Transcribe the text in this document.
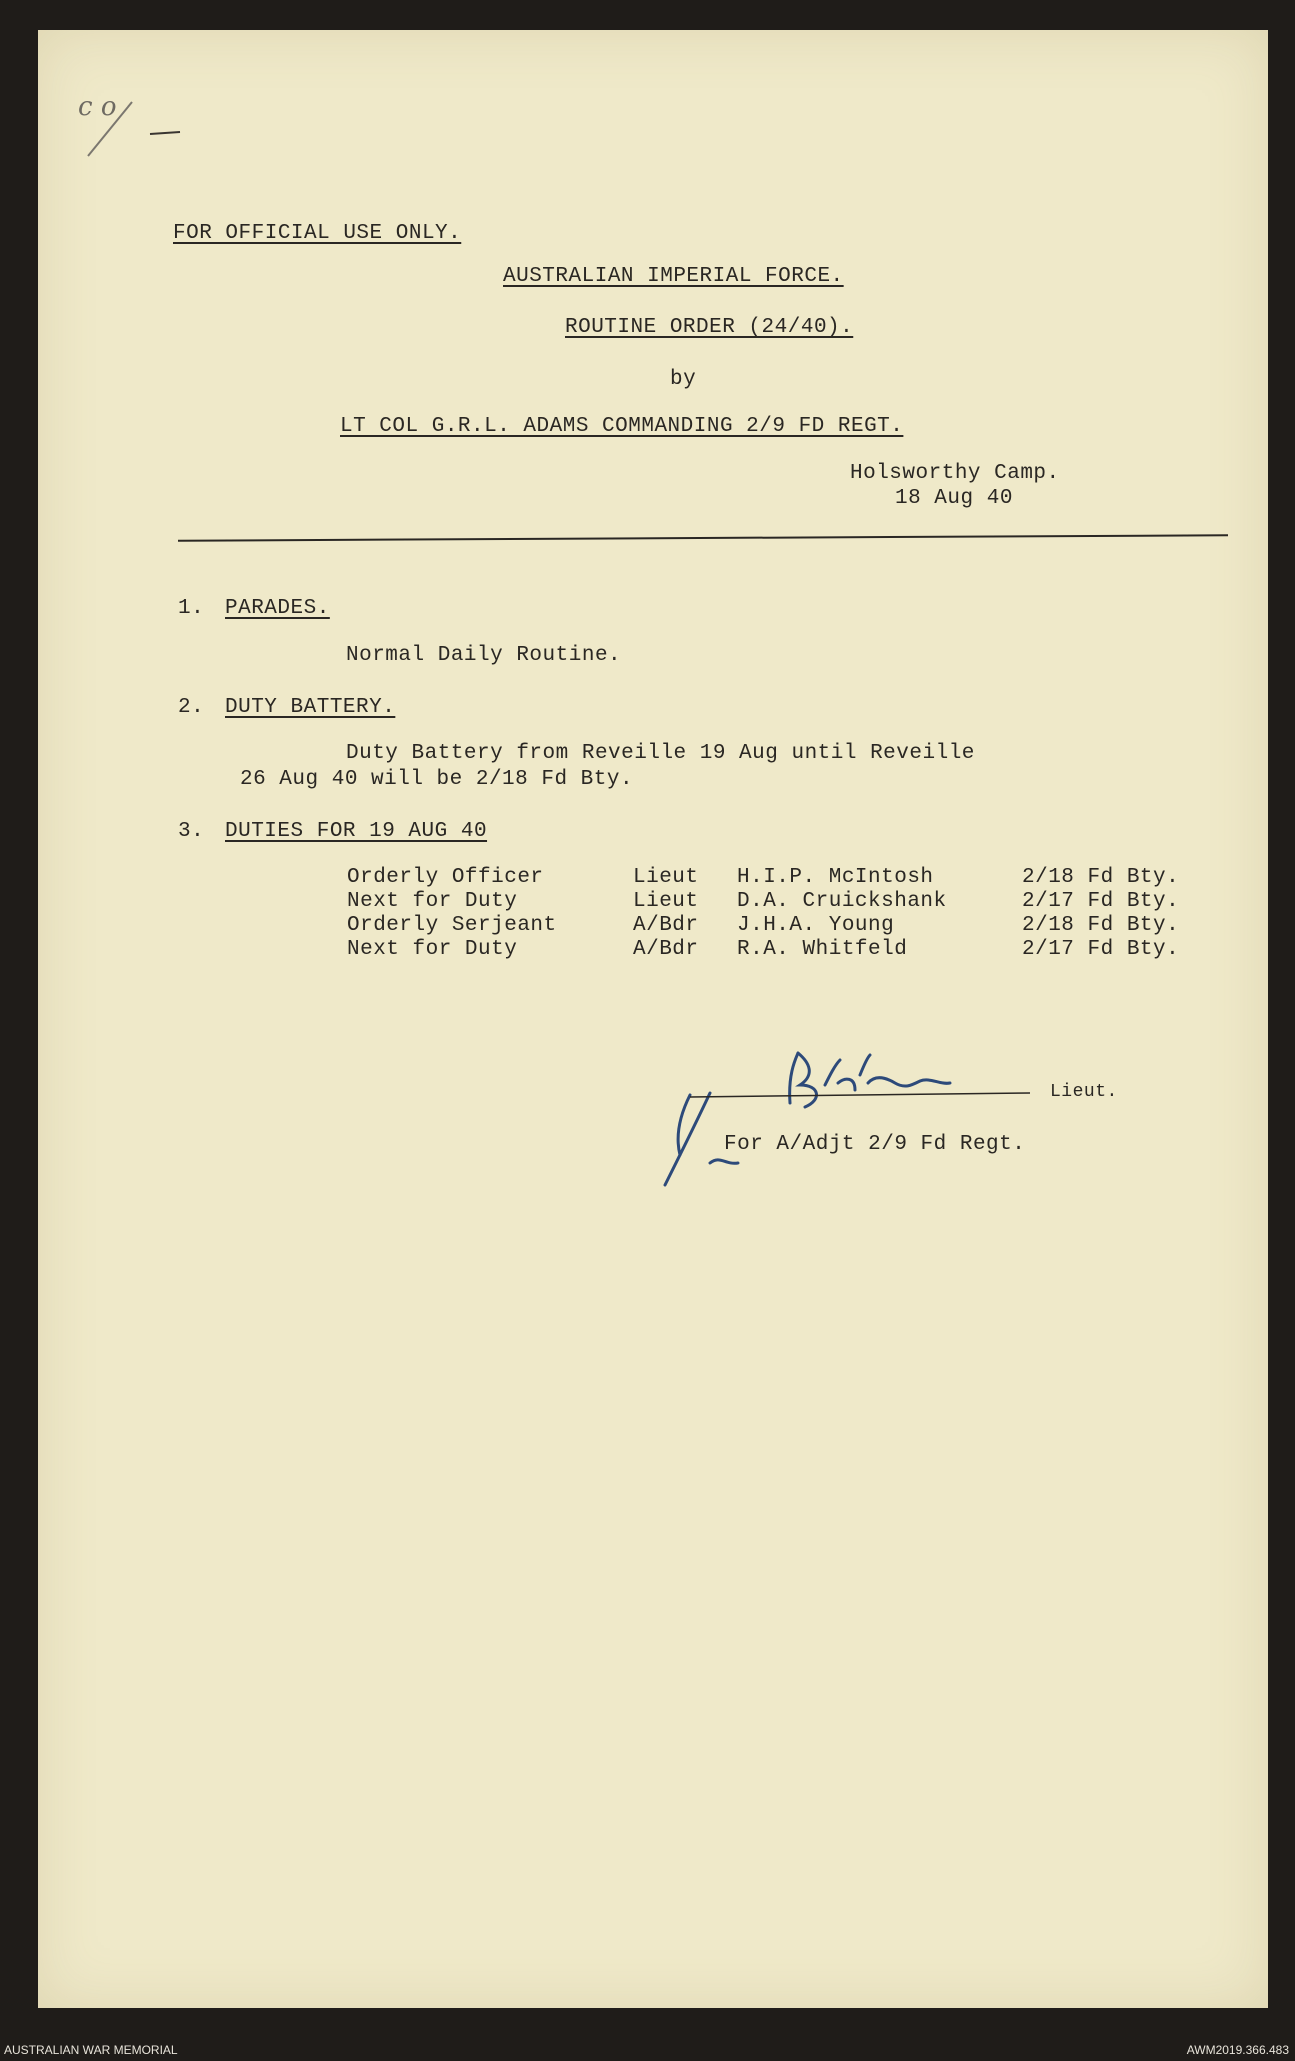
c o
FOR OFFICIAL USE ONLY.
AUSTRALIAN IMPERIAL FORCE.
ROUTINE ORDER (24/40).
by
LT COL G.R.L. ADAMS COMMANDING 2/9 FD REGT.
Holsworthy Camp.
18 Aug 40
1. PARADES.
Normal Daily Routine.
2. DUTY BATTERY.
Duty Battery from Reveille 19 Aug until Reveille
26 Aug 40 will be 2/18 Fd Bty.
3. DUTIES FOR 19 AUG 40
Orderly Officer
Next for Duty
Orderly Serjeant
Next for Duty
Lieut
Lieut
A/Bdr
A/Bdr
H.I.P. McIntosh
D.A. Cruickshank
J.H.A. Young
R.A. Whitfeld
2/18 Fd Bty.
2/17 Fd Bty.
2/18 Fd Bty.
2/17 Fd Bty.
Lieut.
For A/Adjt 2/9 Fd Regt.
AUSTRALIAN WAR MEMORIAL	AWM2019.366.483
